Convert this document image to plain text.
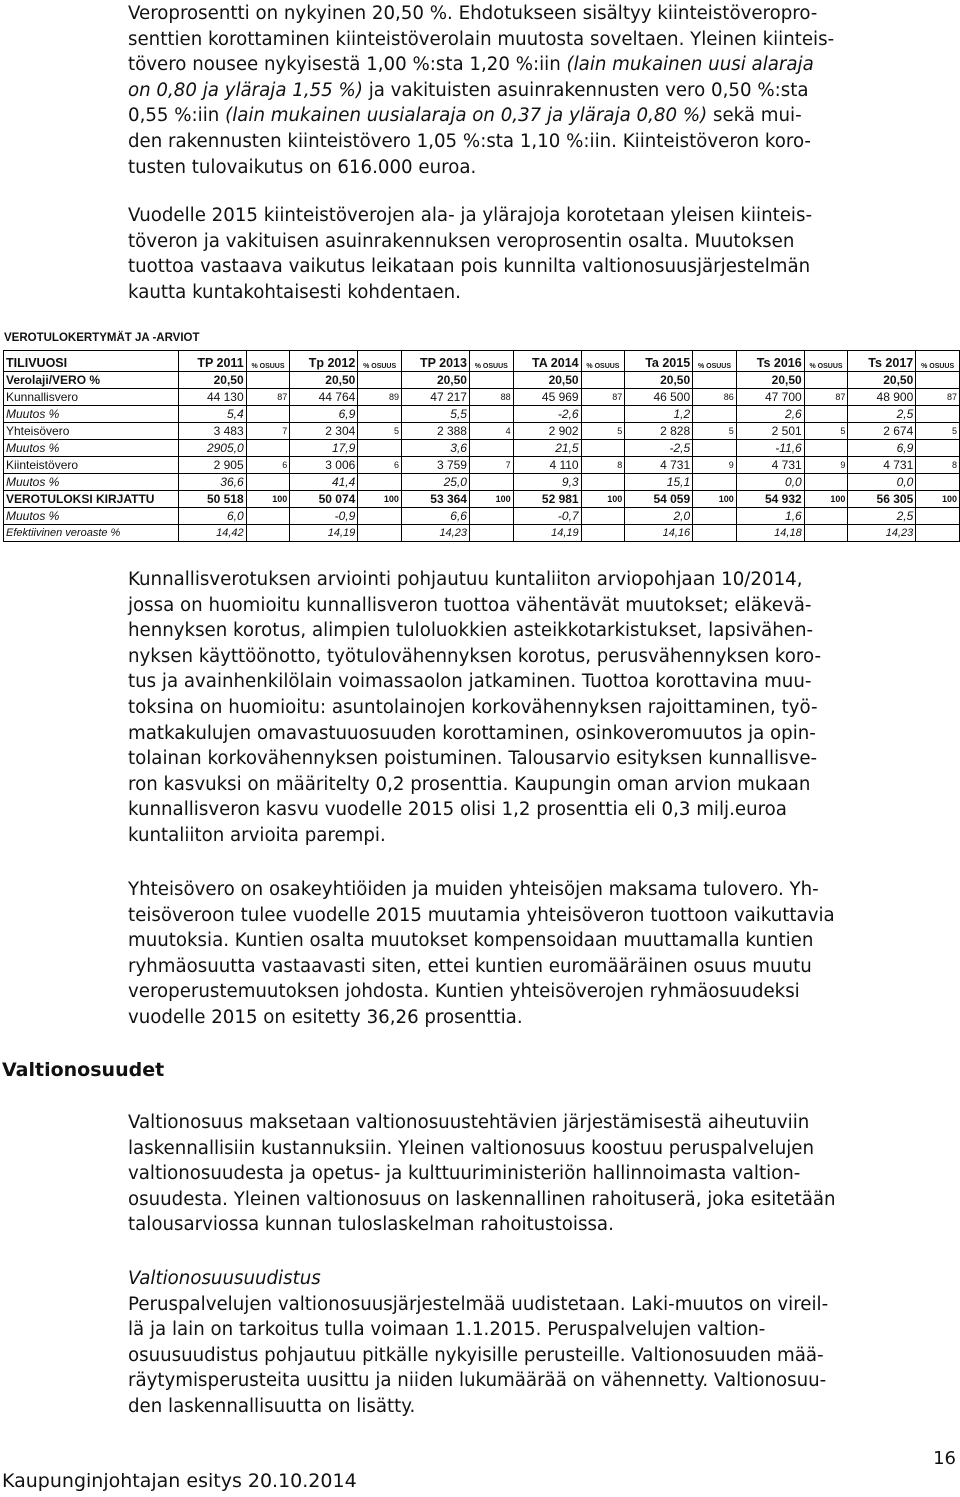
Veroprosentti on nykyinen 20,50 %. Ehdotukseen sisältyy kiinteistöveropro-
senttien korottaminen kiinteistöverolain muutosta soveltaen. Yleinen kiinteis-
tövero nousee nykyisestä 1,00 %:sta 1,20 %:iin (lain mukainen uusi alaraja
on 0,80 ja yläraja 1,55 %) ja vakituisten asuinrakennusten vero 0,50 %:sta
0,55 %:iin (lain mukainen uusialaraja on 0,37 ja yläraja 0,80 %) sekä mui-
den rakennusten kiinteistövero 1,05 %:sta 1,10 %:iin. Kiinteistöveron koro-
tusten tulovaikutus on 616.000 euroa.
Vuodelle 2015 kiinteistöverojen ala- ja ylärajoja korotetaan yleisen kiinteis-
töveron ja vakituisen asuinrakennuksen veroprosentin osalta. Muutoksen
tuottoa vastaava vaikutus leikataan pois kunnilta valtionosuusjärjestelmän
kautta kuntakohtaisesti kohdentaen.
VEROTULOKERTYMÄT JA -ARVIOT
TILIVUOSI	TP 2011	% OSUUS	Tp 2012	% OSUUS	TP 2013	% OSUUS	TA 2014	% OSUUS	Ta 2015	% OSUUS	Ts 2016	% OSUUS	Ts 2017	% OSUUS
Verolaji/VERO %	20,50		20,50		20,50		20,50		20,50		20,50		20,50	
Kunnallisvero	44 130	87	44 764	89	47 217	88	45 969	87	46 500	86	47 700	87	48 900	87
Muutos %	5,4		6,9		5,5		-2,6		1,2		2,6		2,5	
Yhteisövero	3 483	7	2 304	5	2 388	4	2 902	5	2 828	5	2 501	5	2 674	5
Muutos %	2905,0		17,9		3,6		21,5		-2,5		-11,6		6,9	
Kiinteistövero	2 905	6	3 006	6	3 759	7	4 110	8	4 731	9	4 731	9	4 731	8
Muutos %	36,6		41,4		25,0		9,3		15,1		0,0		0,0	
VEROTULOKSI KIRJATTU	50 518	100	50 074	100	53 364	100	52 981	100	54 059	100	54 932	100	56 305	100
Muutos %	6,0		-0,9		6,6		-0,7		2,0		1,6		2,5	
Efektiivinen veroaste %	14,42		14,19		14,23		14,19		14,16		14,18		14,23	
Kunnallisverotuksen arviointi pohjautuu kuntaliiton arviopohjaan 10/2014,
jossa on huomioitu kunnallisveron tuottoa vähentävät muutokset; eläkevä-
hennyksen korotus, alimpien tuloluokkien asteikkotarkistukset, lapsivähen-
nyksen käyttöönotto, työtulovähennyksen korotus, perusvähennyksen koro-
tus ja avainhenkilölain voimassaolon jatkaminen. Tuottoa korottavina muu-
toksina on huomioitu: asuntolainojen korkovähennyksen rajoittaminen, työ-
matkakulujen omavastuuosuuden korottaminen, osinkoveromuutos ja opin-
tolainan korkovähennyksen poistuminen. Talousarvio esityksen kunnallisve-
ron kasvuksi on määritelty 0,2 prosenttia. Kaupungin oman arvion mukaan
kunnallisveron kasvu vuodelle 2015 olisi 1,2 prosenttia eli 0,3 milj.euroa
kuntaliiton arvioita parempi.
Yhteisövero on osakeyhtiöiden ja muiden yhteisöjen maksama tulovero. Yh-
teisöveroon tulee vuodelle 2015 muutamia yhteisöveron tuottoon vaikuttavia
muutoksia. Kuntien osalta muutokset kompensoidaan muuttamalla kuntien
ryhmäosuutta vastaavasti siten, ettei kuntien euromääräinen osuus muutu
veroperustemuutoksen johdosta. Kuntien yhteisöverojen ryhmäosuudeksi
vuodelle 2015 on esitetty 36,26 prosenttia.
Valtionosuudet
Valtionosuus maksetaan valtionosuustehtävien järjestämisestä aiheutuviin
laskennallisiin kustannuksiin. Yleinen valtionosuus koostuu peruspalvelujen
valtionosuudesta ja opetus- ja kulttuuriministeriön hallinnoimasta valtion-
osuudesta. Yleinen valtionosuus on laskennallinen rahoituserä, joka esitetään
talousarviossa kunnan tuloslaskelman rahoitustoissa.
Valtionosuusuudistus
Peruspalvelujen valtionosuusjärjestelmää uudistetaan. Laki-muutos on vireil-
lä ja lain on tarkoitus tulla voimaan 1.1.2015. Peruspalvelujen valtion-
osuusuudistus pohjautuu pitkälle nykyisille perusteille. Valtionosuuden mää-
räytymisperusteita uusittu ja niiden lukumäärää on vähennetty. Valtionosuu-
den laskennallisuutta on lisätty.
Kaupunginjohtajan esitys 20.10.2014
16
